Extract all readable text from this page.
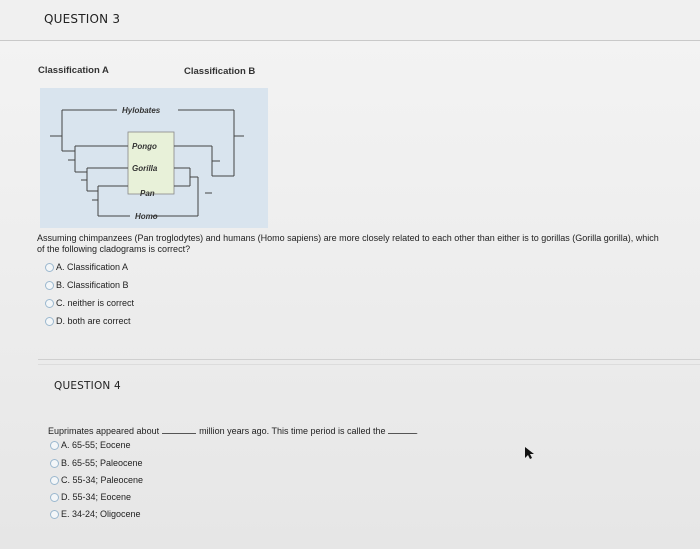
QUESTION 3
Classification A	Classification B
Hylobates
Pongo
Gorilla
Pan
Homo
Assuming chimpanzees (Pan troglodytes) and humans (Homo sapiens) are more closely related to each other than either is to gorillas (Gorilla gorilla), which of the following cladograms is correct?
A. Classification A
B. Classification B
C. neither is correct
D. both are correct
QUESTION 4
Euprimates appeared about	million years ago. This time period is called the	.
A. 65-55; Eocene
B. 65-55; Paleocene
C. 55-34; Paleocene
D. 55-34; Eocene
E. 34-24; Oligocene
